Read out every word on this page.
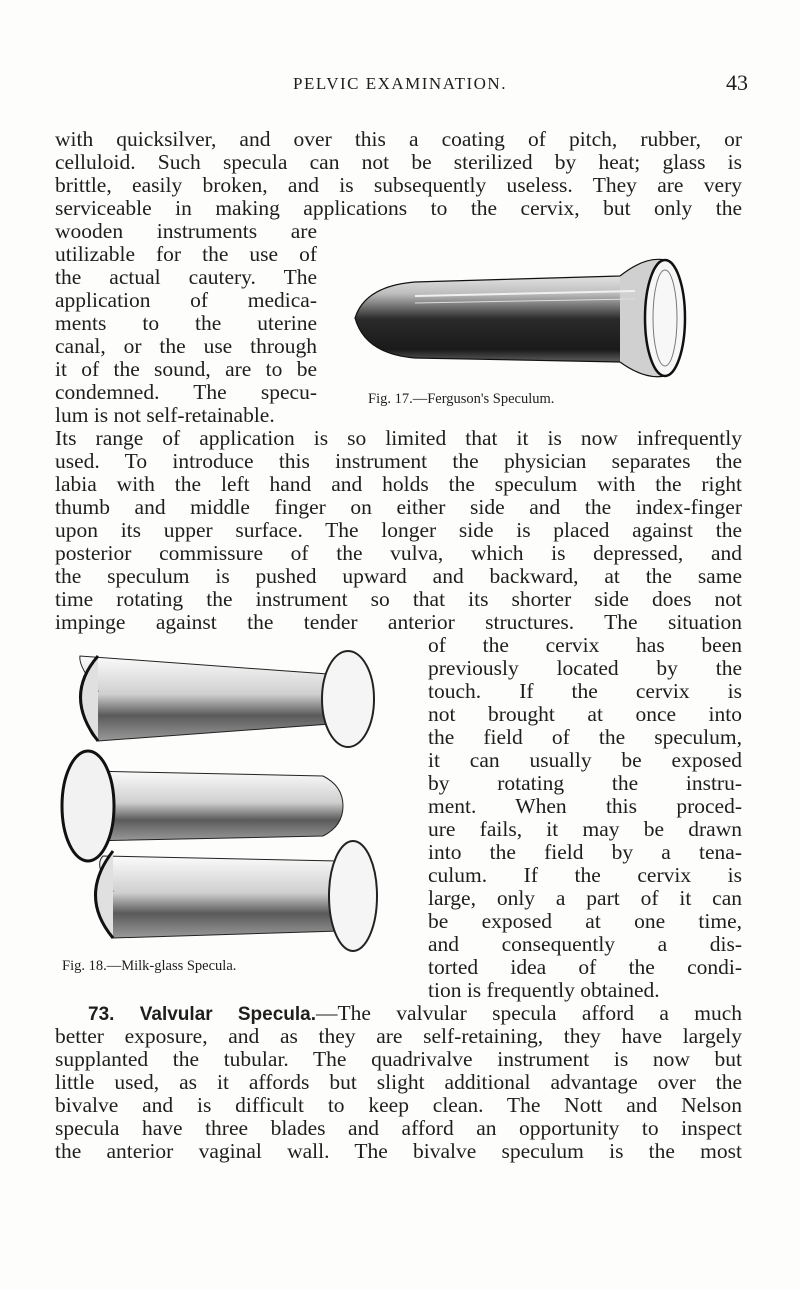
PELVIC EXAMINATION.	43
with quicksilver, and over this a coating of pitch, rubber, or
celluloid. Such specula can not be sterilized by heat; glass is
brittle, easily broken, and is subsequently useless. They are very
serviceable in making applications to the cervix, but only the
wooden instruments are
utilizable for the use of
the actual cautery. The
application of medica-
ments to the uterine
canal, or the use through
it of the sound, are to be
condemned. The specu-
lum is not self-retainable.
Fig. 17.—Ferguson's Speculum.
Its range of application is so limited that it is now infrequently
used. To introduce this instrument the physician separates the
labia with the left hand and holds the speculum with the right
thumb and middle finger on either side and the index-finger
upon its upper surface. The longer side is placed against the
posterior commissure of the vulva, which is depressed, and
the speculum is pushed upward and backward, at the same
time rotating the instrument so that its shorter side does not
impinge against the tender anterior structures. The situation
of the cervix has been
previously located by the
touch. If the cervix is
not brought at once into
the field of the speculum,
it can usually be exposed
by rotating the instru-
ment. When this proced-
ure fails, it may be drawn
into the field by a tena-
culum. If the cervix is
large, only a part of it can
be exposed at one time,
and consequently a dis-
torted idea of the condi-
tion is frequently obtained.
Fig. 18.—Milk-glass Specula.
73. Valvular Specula.—The valvular specula afford a much
better exposure, and as they are self-retaining, they have largely
supplanted the tubular. The quadrivalve instrument is now but
little used, as it affords but slight additional advantage over the
bivalve and is difficult to keep clean. The Nott and Nelson
specula have three blades and afford an opportunity to inspect
the anterior vaginal wall. The bivalve speculum is the most
